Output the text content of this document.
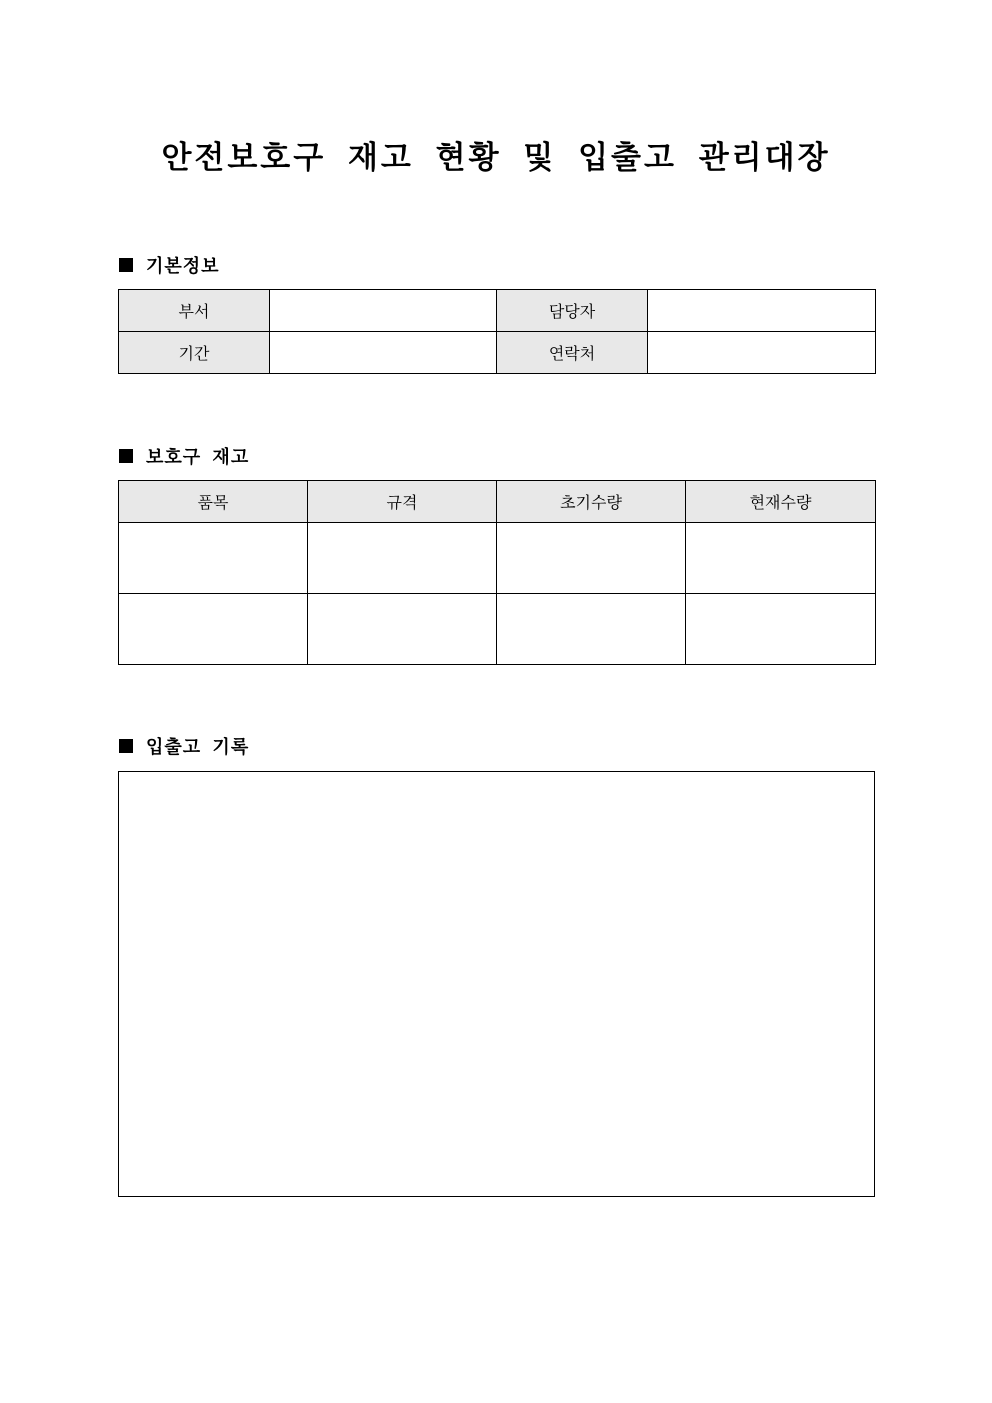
안전보호구 재고 현황 및 입출고 관리대장
기본정보
부서		담당자	
기간		연락처	
보호구 재고
품목	규격	초기수량	현재수량

입출고 기록
